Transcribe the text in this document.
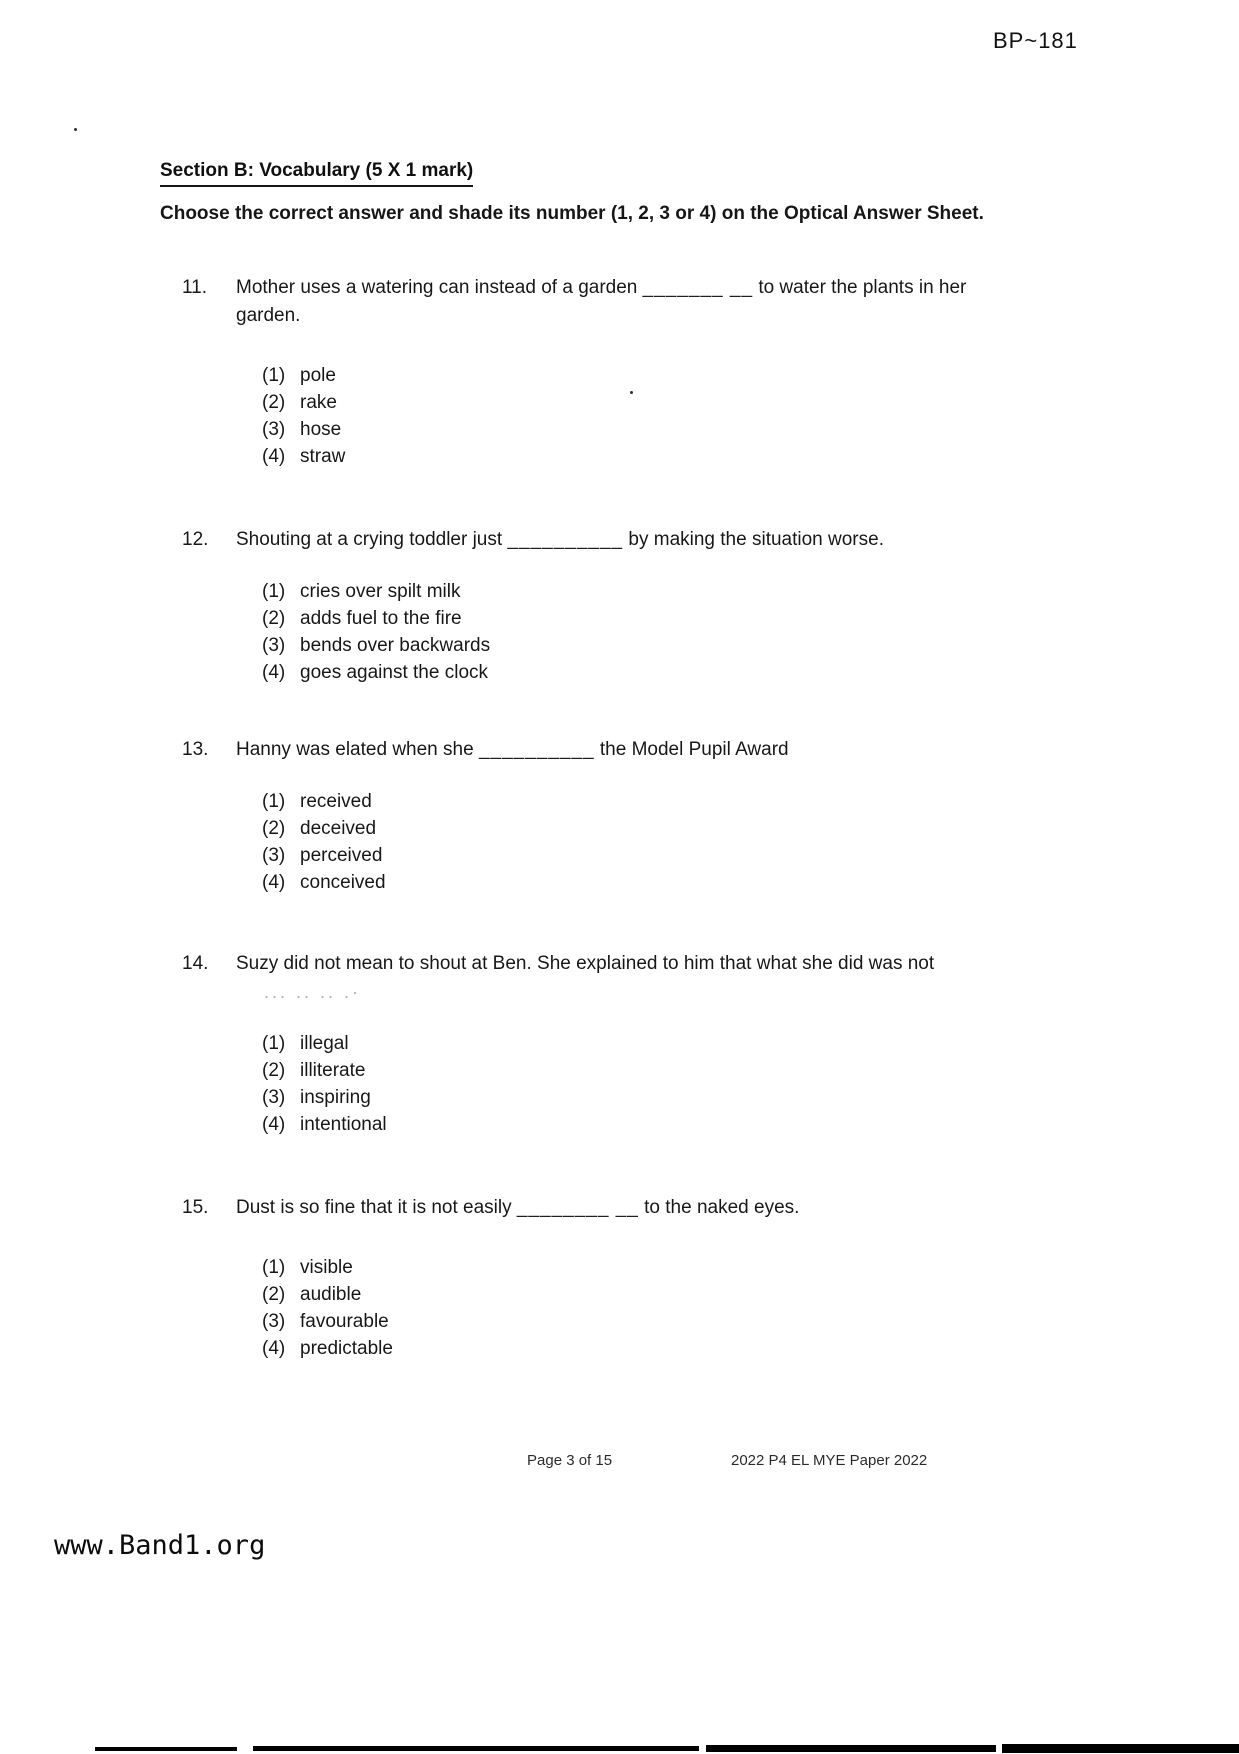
BP~181
Section B: Vocabulary (5 X 1 mark)
Choose the correct answer and shade its number (1, 2, 3 or 4) on the Optical Answer Sheet.
11.	Mother uses a watering can instead of a garden _______ __ to water the plants in her garden.
(1) pole
(2) rake
(3) hose
(4) straw
12.	Shouting at a crying toddler just __________ by making the situation worse.
(1) cries over spilt milk
(2) adds fuel to the fire
(3) bends over backwards
(4) goes against the clock
13.	Hanny was elated when she __________ the Model Pupil Award
(1) received
(2) deceived
(3) perceived
(4) conceived
14.	Suzy did not mean to shout at Ben. She explained to him that what she did was not
... .. .. .·
(1) illegal
(2) illiterate
(3) inspiring
(4) intentional
15.	Dust is so fine that it is not easily ________ __ to the naked eyes.
(1) visible
(2) audible
(3) favourable
(4) predictable
Page 3 of 15	2022 P4 EL MYE Paper 2022
www.Band1.org
